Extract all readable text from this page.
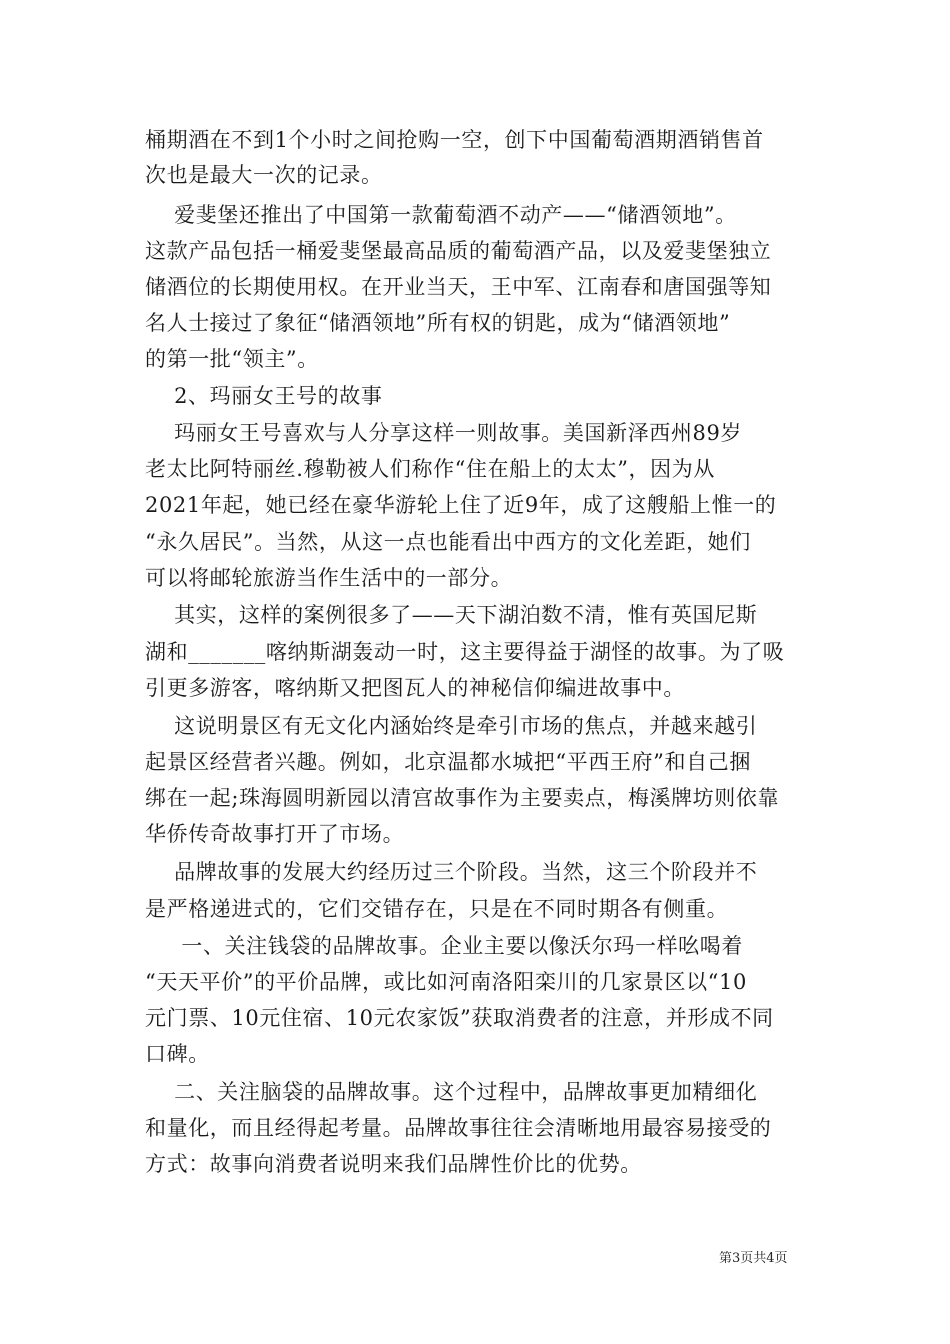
桶期酒在不到1个小时之间抢购一空，创下中国葡萄酒期酒销售首
次也是最大一次的记录。
爱斐堡还推出了中国第一款葡萄酒不动产——“储酒领地”。
这款产品包括一桶爱斐堡最高品质的葡萄酒产品，以及爱斐堡独立
储酒位的长期使用权。在开业当天，王中军、江南春和唐国强等知
名人士接过了象征“储酒领地”所有权的钥匙，成为“储酒领地”
的第一批“领主”。
2、玛丽女王号的故事
玛丽女王号喜欢与人分享这样一则故事。美国新泽西州89岁
老太比阿特丽丝.穆勒被人们称作“住在船上的太太”，因为从
2021年起，她已经在豪华游轮上住了近9年，成了这艘船上惟一的
“永久居民”。当然，从这一点也能看出中西方的文化差距，她们
可以将邮轮旅游当作生活中的一部分。
其实，这样的案例很多了——天下湖泊数不清，惟有英国尼斯
湖和_______喀纳斯湖轰动一时，这主要得益于湖怪的故事。为了吸
引更多游客，喀纳斯又把图瓦人的神秘信仰编进故事中。
这说明景区有无文化内涵始终是牵引市场的焦点，并越来越引
起景区经营者兴趣。例如，北京温都水城把“平西王府”和自己捆
绑在一起;珠海圆明新园以清宫故事作为主要卖点，梅溪牌坊则依靠
华侨传奇故事打开了市场。
品牌故事的发展大约经历过三个阶段。当然，这三个阶段并不
是严格递进式的，它们交错存在，只是在不同时期各有侧重。
一、关注钱袋的品牌故事。企业主要以像沃尔玛一样吆喝着
“天天平价”的平价品牌，或比如河南洛阳栾川的几家景区以“10
元门票、10元住宿、10元农家饭”获取消费者的注意，并形成不同
口碑。
二、关注脑袋的品牌故事。这个过程中，品牌故事更加精细化
和量化，而且经得起考量。品牌故事往往会清晰地用最容易接受的
方式：故事向消费者说明来我们品牌性价比的优势。
第3页共4页
